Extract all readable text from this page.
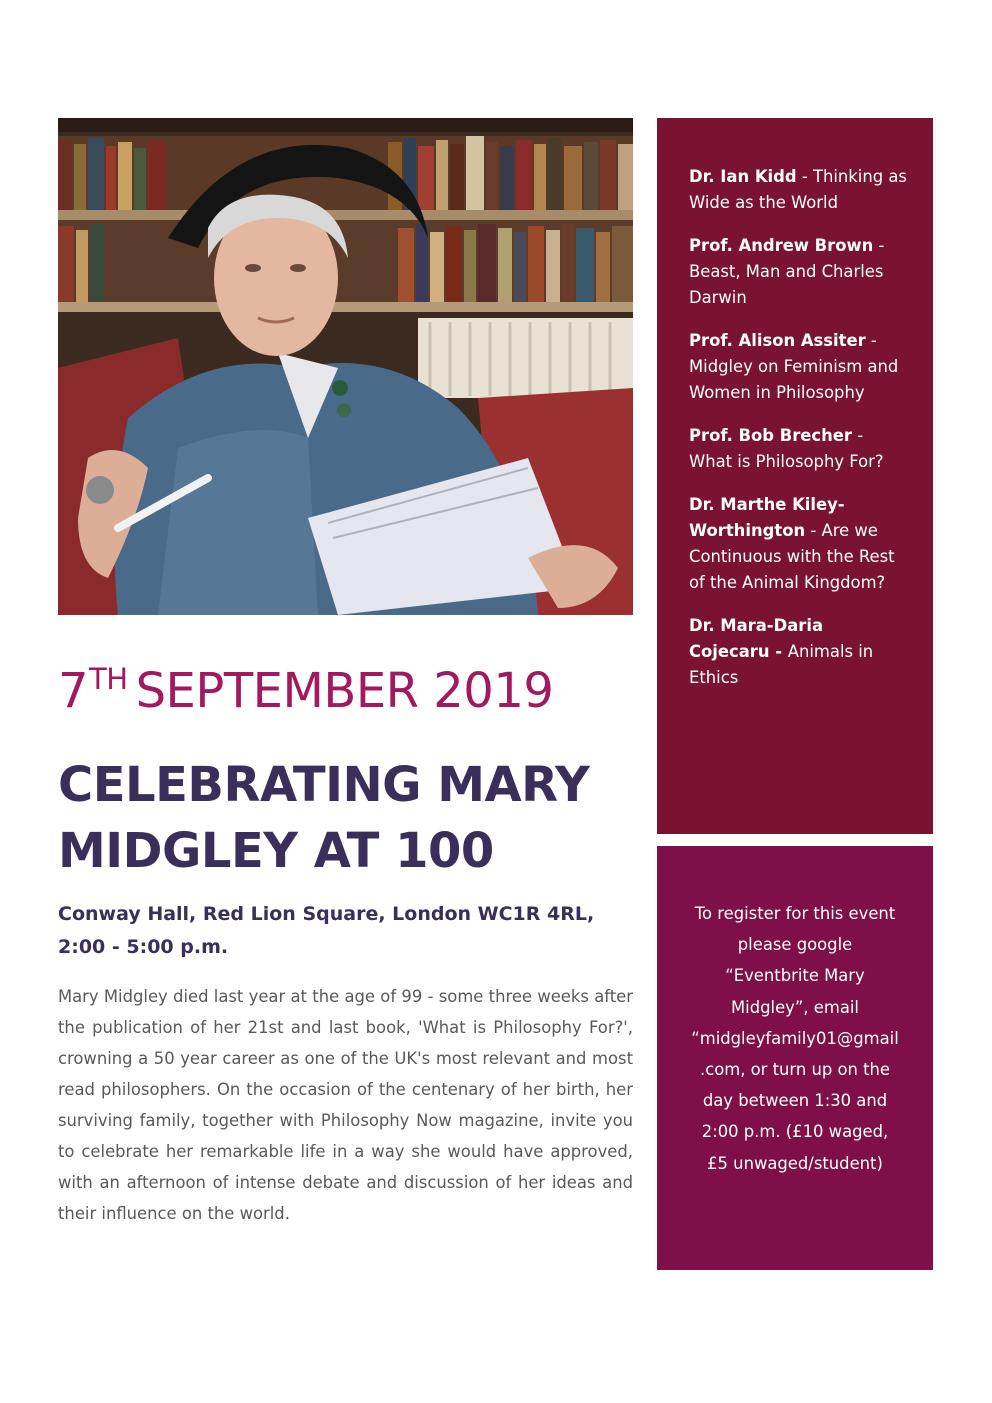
7TH SEPTEMBER 2019
CELEBRATING MARY MIDGLEY AT 100
Conway Hall, Red Lion Square, London WC1R 4RL,
2:00 - 5:00 p.m.
Mary Midgley died last year at the age of 99 - some three weeks after the publication of her 21st and last book, 'What is Philosophy For?', crowning a 50 year career as one of the UK's most relevant and most read philosophers. On the occasion of the centenary of her birth, her surviving family, together with Philosophy Now magazine, invite you to celebrate her remarkable life in a way she would have approved, with an afternoon of intense debate and discussion of her ideas and their influence on the world.
Dr. Ian Kidd - Thinking as Wide as the World
Prof. Andrew Brown - Beast, Man and Charles Darwin
Prof. Alison Assiter - Midgley on Feminism and Women in Philosophy
Prof. Bob Brecher - What is Philosophy For?
Dr. Marthe Kiley-Worthington - Are we Continuous with the Rest of the Animal Kingdom?
Dr. Mara-Daria Cojecaru - Animals in Ethics
To register for this event
please google
“Eventbrite Mary
Midgley”, email
“midgleyfamily01@gmail
.com, or turn up on the
day between 1:30 and
2:00 p.m. (£10 waged,
£5 unwaged/student)
